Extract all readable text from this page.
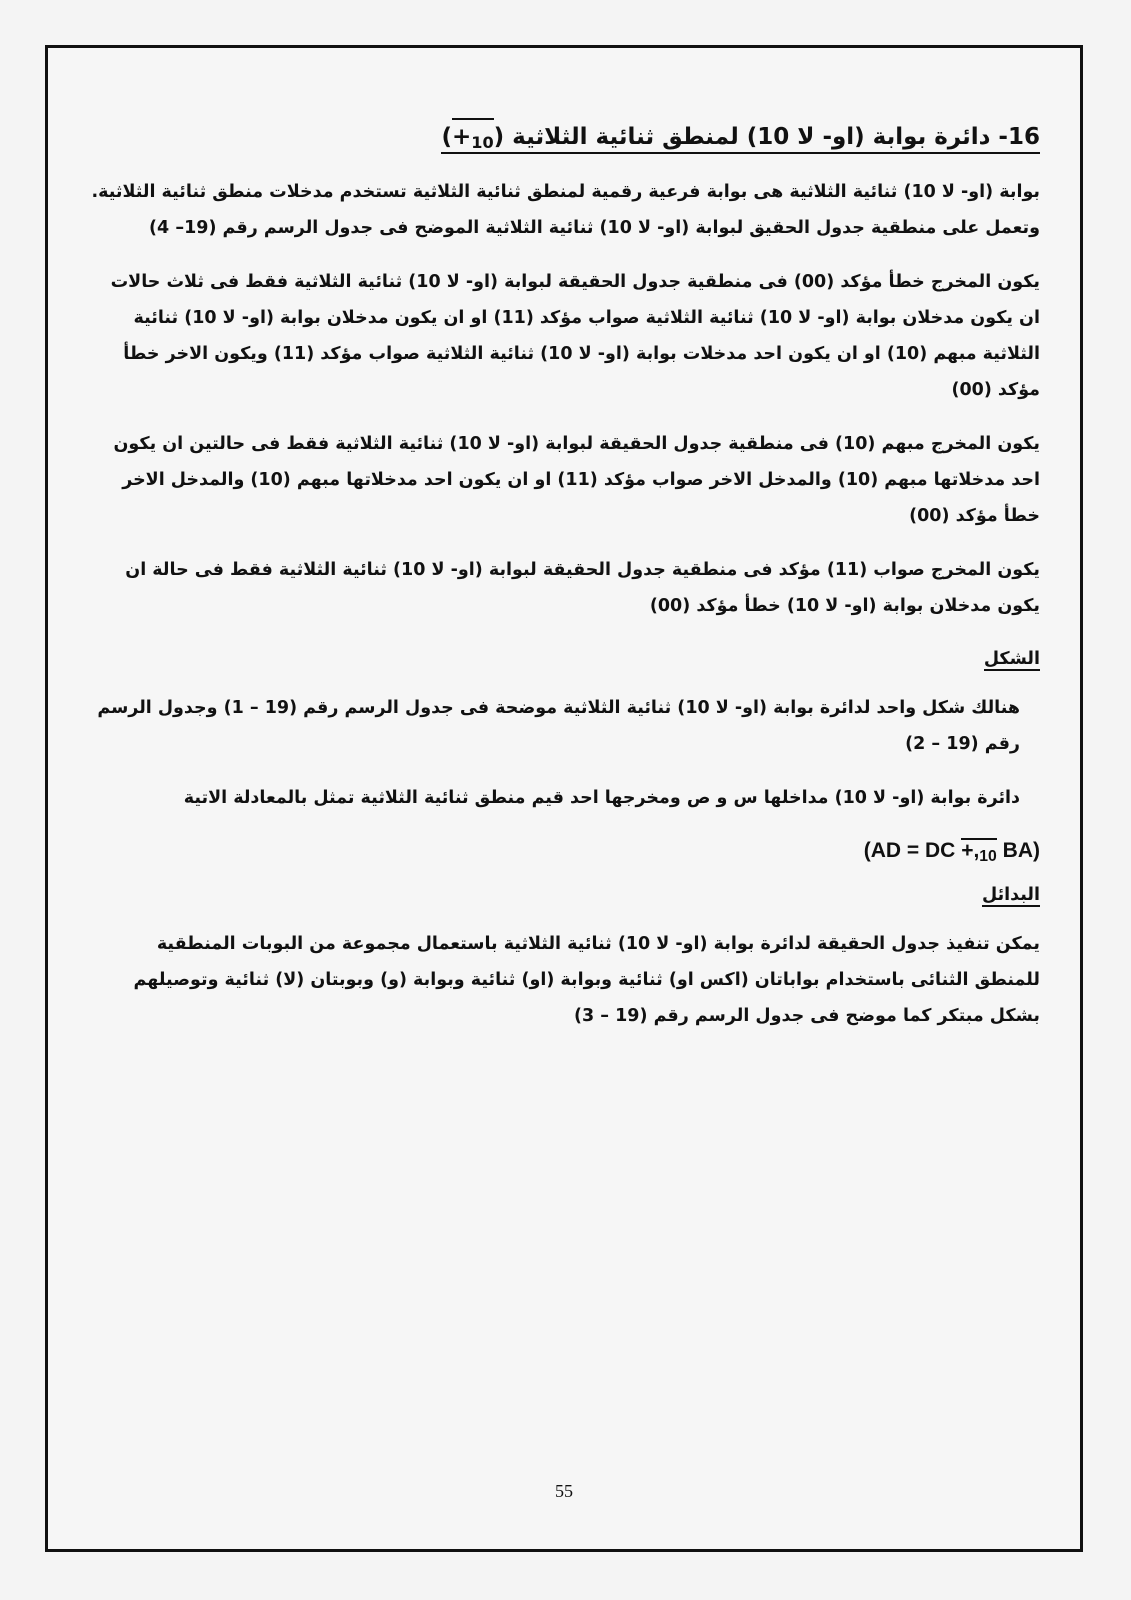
16- دائرة بوابة (او- لا 10) لمنطق ثنائية الثلاثية $(+_{10})$

بوابة (او- لا 10) ثنائية الثلاثية هى بوابة فرعية رقمية لمنطق ثنائية الثلاثية تستخدم مدخلات منطق ثنائية الثلاثية. وتعمل على منطقية جدول الحقيق لبوابة (او- لا 10) ثنائية الثلاثية الموضح فى جدول الرسم رقم (19– 4)

يكون المخرج خطأ مؤكد (00) فى منطقية جدول الحقيقة لبوابة (او- لا 10) ثنائية الثلاثية فقط فى ثلاث حالات ان يكون مدخلان بوابة (او- لا 10) ثنائية الثلاثية صواب مؤكد (11) او ان يكون مدخلان بوابة (او- لا 10) ثنائية الثلاثية مبهم (10) او ان يكون احد مدخلات بوابة (او- لا 10) ثنائية الثلاثية صواب مؤكد (11) ويكون الاخر خطأ مؤكد (00)

يكون المخرج مبهم (10) فى منطقية جدول الحقيقة لبوابة (او- لا 10) ثنائية الثلاثية فقط فى حالتين ان يكون احد مدخلاتها مبهم (10) والمدخل الاخر صواب مؤكد (11) او ان يكون احد مدخلاتها مبهم (10) والمدخل الاخر خطأ مؤكد (00)

يكون المخرج صواب (11) مؤكد فى منطقية جدول الحقيقة لبوابة (او- لا 10) ثنائية الثلاثية فقط فى حالة ان يكون مدخلان بوابة (او- لا 10) خطأ مؤكد (00)

الشكل

هنالك شكل واحد لدائرة بوابة (او- لا 10) ثنائية الثلاثية موضحة فى جدول الرسم رقم (19 – 1) وجدول الرسم رقم (19 – 2)

دائرة بوابة (او- لا 10) مداخلها س و ص ومخرجها احد قيم منطق ثنائية الثلاثية تمثل بالمعادلة الاتية

(AD = DC $+,_{10}$ BA)
البدائل

يمكن تنفيذ جدول الحقيقة لدائرة بوابة (او- لا 10) ثنائية الثلاثية باستعمال مجموعة من البوبات المنطقية للمنطق الثنائى باستخدام بواباتان (اكس او) ثنائية وبوابة (او) ثنائية وبوابة (و) وبوبتان (لا) ثنائية وتوصيلهم بشكل مبتكر كما موضح فى جدول الرسم رقم (19 – 3)

55
